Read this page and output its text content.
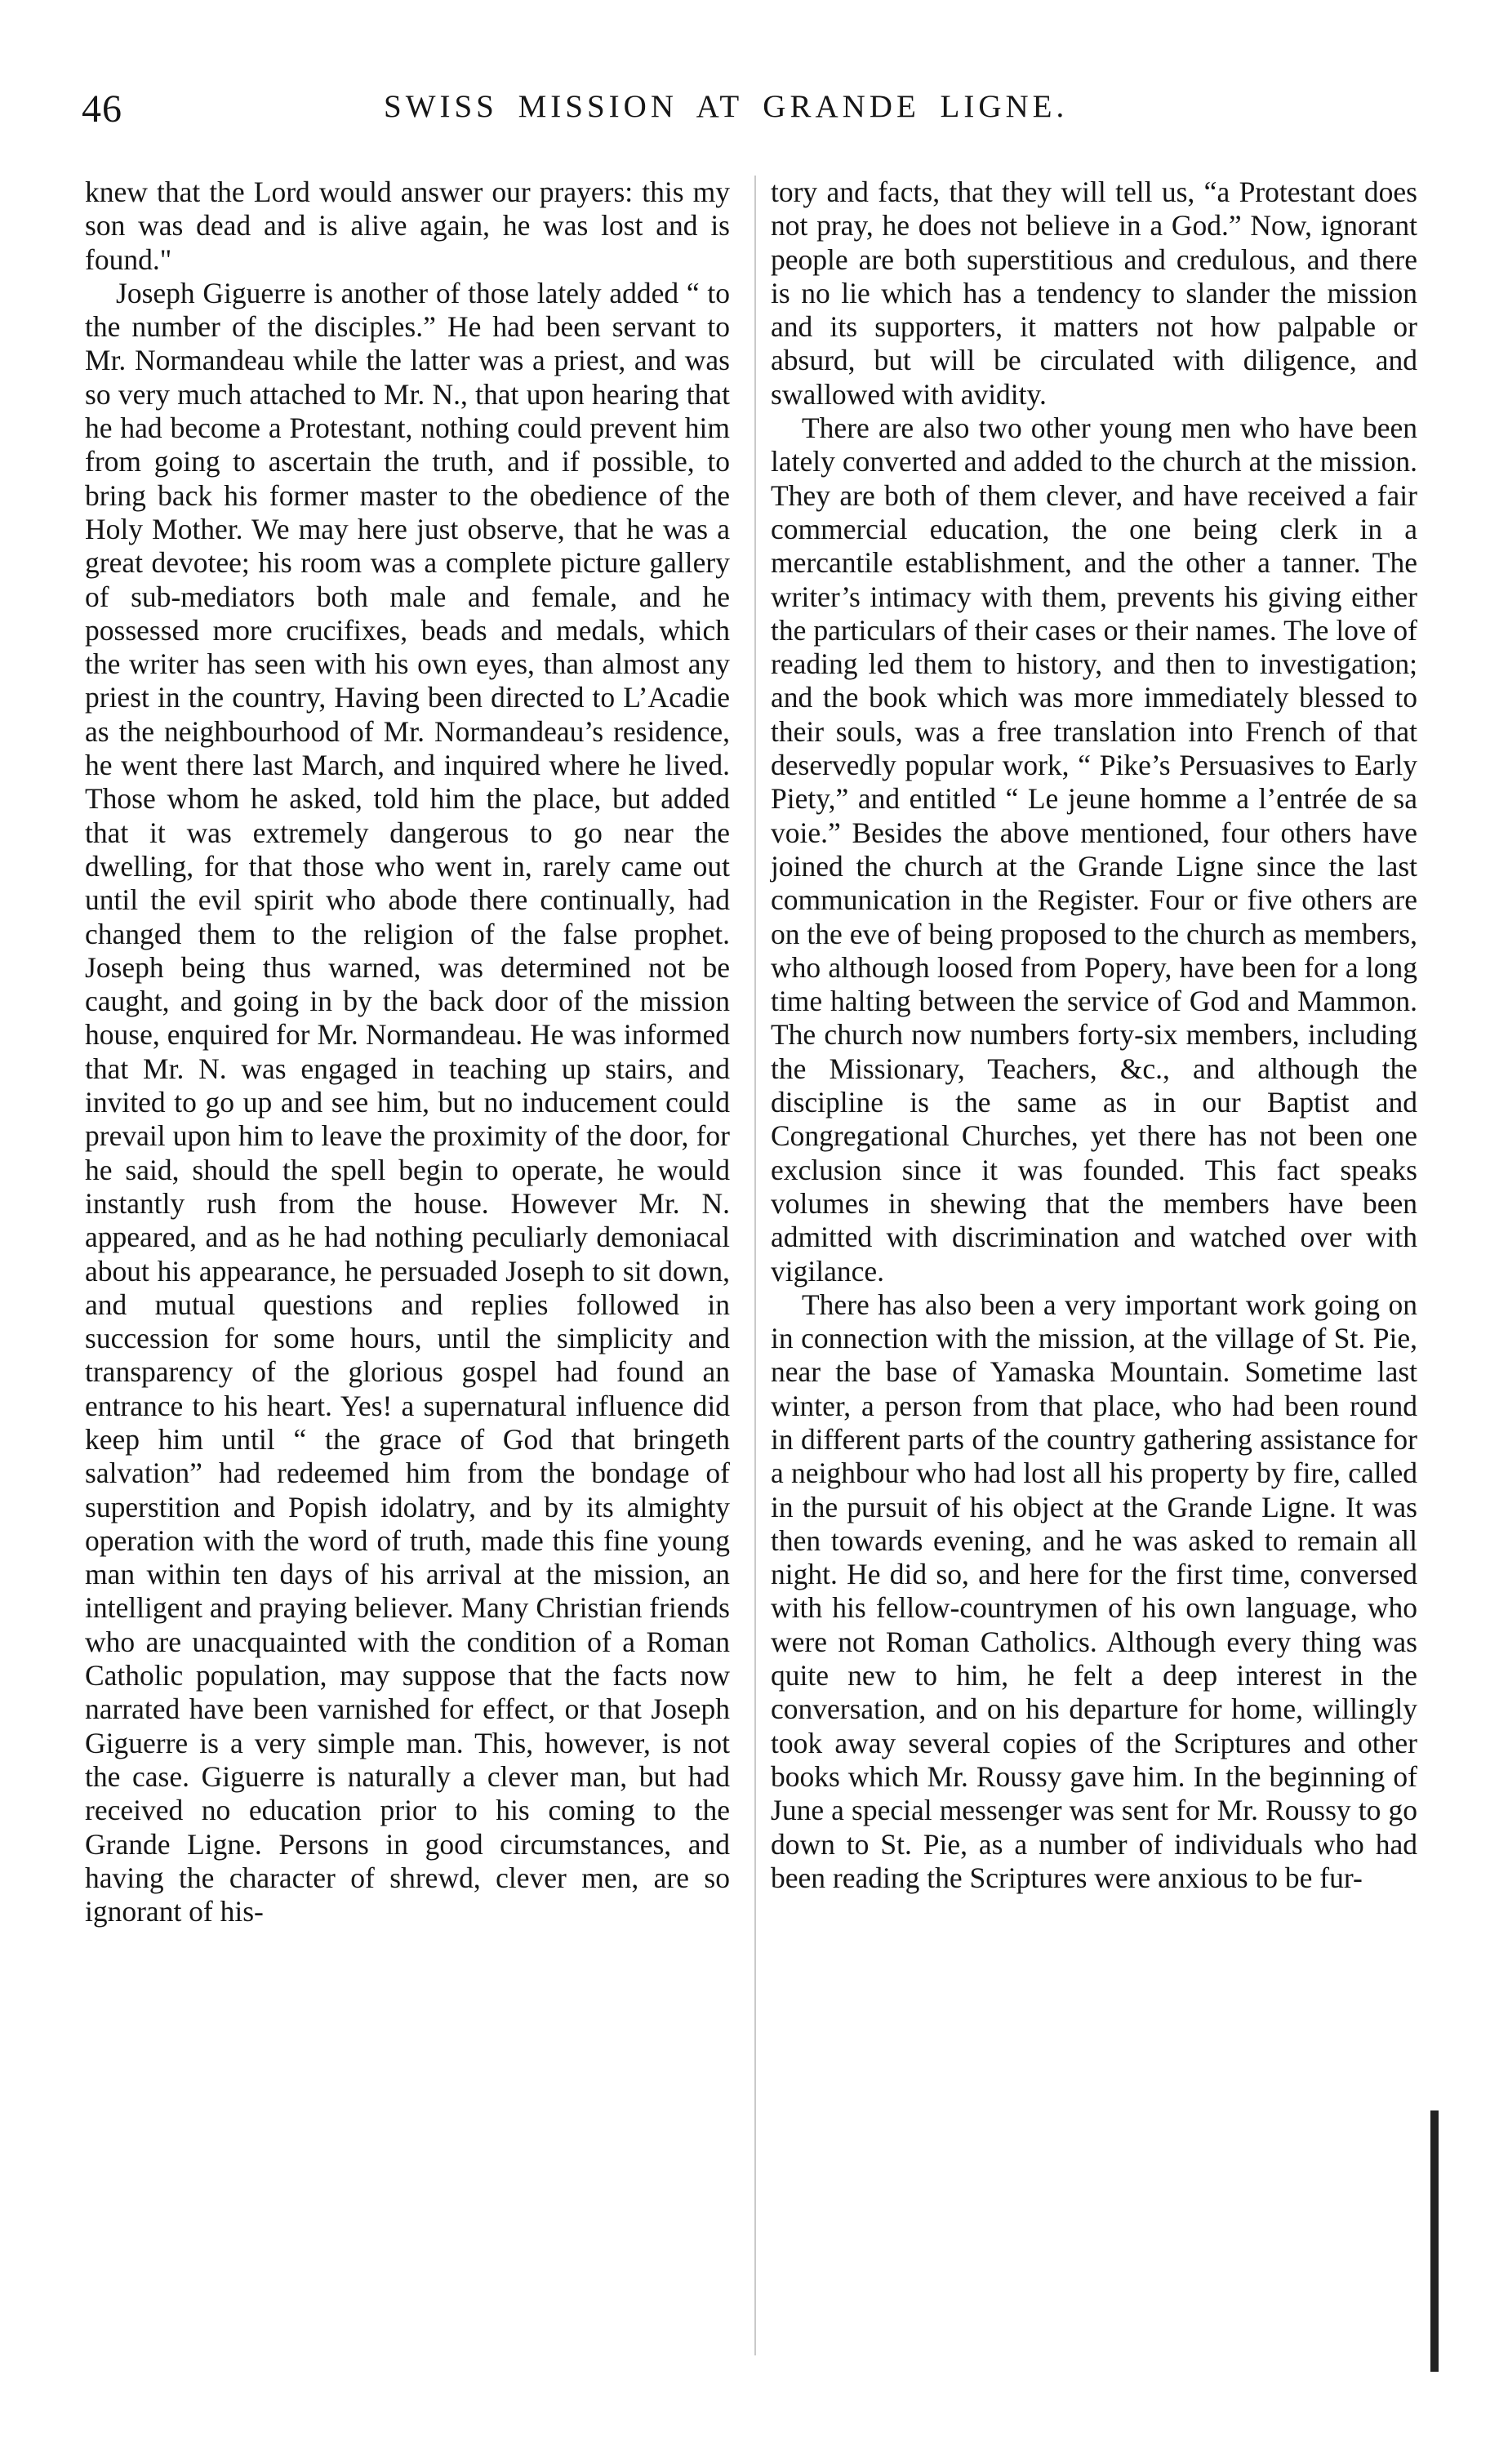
46	SWISS MISSION AT GRANDE LIGNE.

knew that the Lord would answer our prayers: this my son was dead and is alive again, he was lost and is found."

Joseph Giguerre is another of those lately added “ to the number of the disciples.” He had been servant to Mr. Normandeau while the latter was a priest, and was so very much attached to Mr. N., that upon hearing that he had become a Protestant, nothing could prevent him from going to ascertain the truth, and if possible, to bring back his former master to the obedience of the Holy Mother. We may here just observe, that he was a great devotee; his room was a complete picture gallery of sub-mediators both male and female, and he possessed more crucifixes, beads and medals, which the writer has seen with his own eyes, than almost any priest in the country, Having been directed to L’Acadie as the neighbourhood of Mr. Normandeau’s residence, he went there last March, and inquired where he lived. Those whom he asked, told him the place, but added that it was extremely dangerous to go near the dwelling, for that those who went in, rarely came out until the evil spirit who abode there continually, had changed them to the religion of the false prophet. Joseph being thus warned, was determined not be caught, and going in by the back door of the mission house, enquired for Mr. Normandeau. He was informed that Mr. N. was engaged in teaching up stairs, and invited to go up and see him, but no inducement could prevail upon him to leave the proximity of the door, for he said, should the spell begin to operate, he would instantly rush from the house. However Mr. N. appeared, and as he had nothing peculiarly demoniacal about his appearance, he persuaded Joseph to sit down, and mutual questions and replies followed in succession for some hours, until the simplicity and transparency of the glorious gospel had found an entrance to his heart. Yes! a supernatural influence did keep him until “ the grace of God that bringeth salvation” had redeemed him from the bondage of superstition and Popish idolatry, and by its almighty operation with the word of truth, made this fine young man within ten days of his arrival at the mission, an intelligent and praying believer. Many Christian friends who are unacquainted with the condition of a Roman Catholic population, may suppose that the facts now narrated have been varnished for effect, or that Joseph Giguerre is a very simple man. This, however, is not the case. Giguerre is naturally a clever man, but had received no education prior to his coming to the Grande Ligne. Persons in good circumstances, and having the character of shrewd, clever men, are so ignorant of his-

tory and facts, that they will tell us, “a Protestant does not pray, he does not believe in a God.” Now, ignorant people are both superstitious and credulous, and there is no lie which has a tendency to slander the mission and its supporters, it matters not how palpable or absurd, but will be circulated with diligence, and swallowed with avidity.

There are also two other young men who have been lately converted and added to the church at the mission. They are both of them clever, and have received a fair commercial education, the one being clerk in a mercantile establishment, and the other a tanner. The writer’s intimacy with them, prevents his giving either the particulars of their cases or their names. The love of reading led them to history, and then to investigation; and the book which was more immediately blessed to their souls, was a free translation into French of that deservedly popular work, “ Pike’s Persuasives to Early Piety,” and entitled “ Le jeune homme a l’entrée de sa voie.” Besides the above mentioned, four others have joined the church at the Grande Ligne since the last communication in the Register. Four or five others are on the eve of being proposed to the church as members, who although loosed from Popery, have been for a long time halting between the service of God and Mammon. The church now numbers forty-six members, including the Missionary, Teachers, &c., and although the discipline is the same as in our Baptist and Congregational Churches, yet there has not been one exclusion since it was founded. This fact speaks volumes in shewing that the members have been admitted with discrimination and watched over with vigilance.

There has also been a very important work going on in connection with the mission, at the village of St. Pie, near the base of Yamaska Mountain. Sometime last winter, a person from that place, who had been round in different parts of the country gathering assistance for a neighbour who had lost all his property by fire, called in the pursuit of his object at the Grande Ligne. It was then towards evening, and he was asked to remain all night. He did so, and here for the first time, conversed with his fellow-countrymen of his own language, who were not Roman Catholics. Although every thing was quite new to him, he felt a deep interest in the conversation, and on his departure for home, willingly took away several copies of the Scriptures and other books which Mr. Roussy gave him. In the beginning of June a special messenger was sent for Mr. Roussy to go down to St. Pie, as a number of individuals who had been reading the Scriptures were anxious to be fur-
